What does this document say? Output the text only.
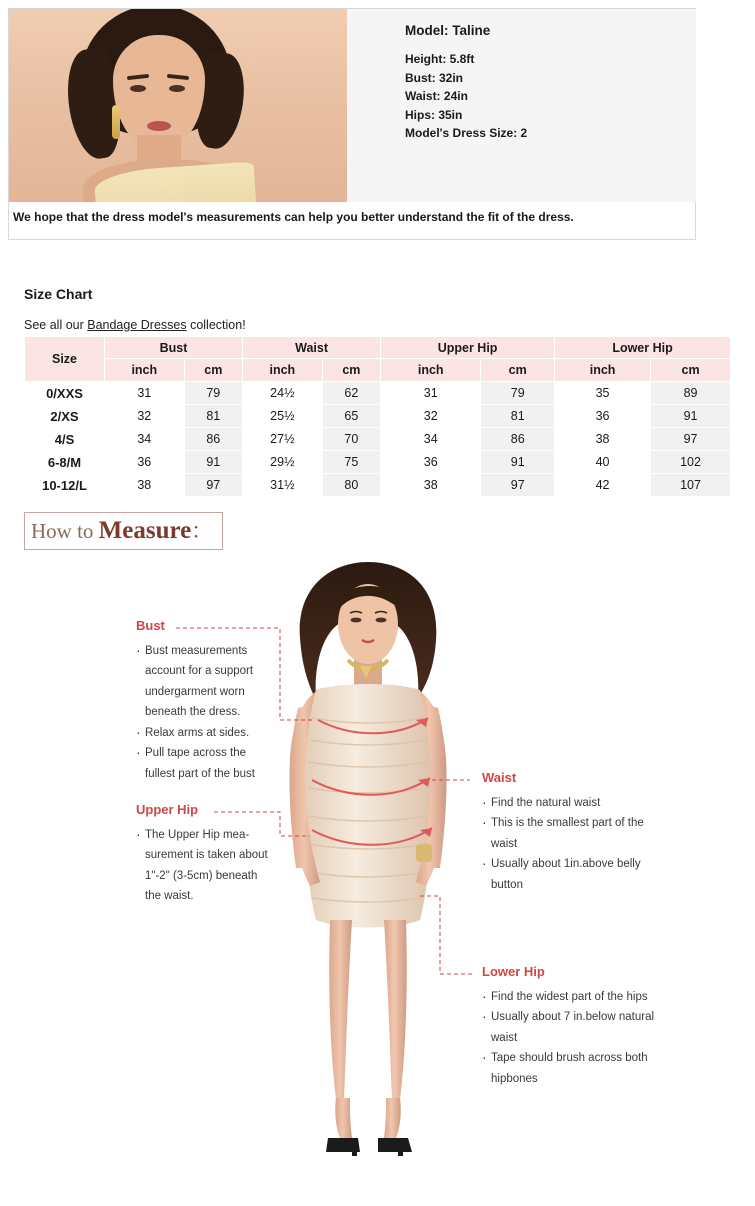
Model: Taline
Height: 5.8ft
Bust: 32in
Waist: 24in
Hips: 35in
Model's Dress Size: 2
We hope that the dress model's measurements can help you better understand the fit of the dress.
Size Chart
See all our Bandage Dresses collection!
Size	Bust		Waist		Upper Hip		Lower Hip	
	inch	cm	inch	cm	inch	cm	inch	cm
0/XXS	31	79	24½	62	31	79	35	89
2/XS	32	81	25½	65	32	81	36	91
4/S	34	86	27½	70	34	86	38	97
6-8/M	36	91	29½	75	36	91	40	102
10-12/L	38	97	31½	80	38	97	42	107
How to Measure：
Bust
· Bust measurements account for a support undergarment worn beneath the dress.
· Relax arms at sides.
· Pull tape across the fullest part of the bust
Upper Hip
· The Upper Hip mea-surement is taken about 1"-2" (3-5cm) beneath the waist.
Waist
· Find the natural waist
· This is the smallest part of the waist
· Usually about 1in.above belly button
Lower Hip
· Find the widest part of the hips
· Usually about 7 in.below natural waist
· Tape should brush across both hipbones
